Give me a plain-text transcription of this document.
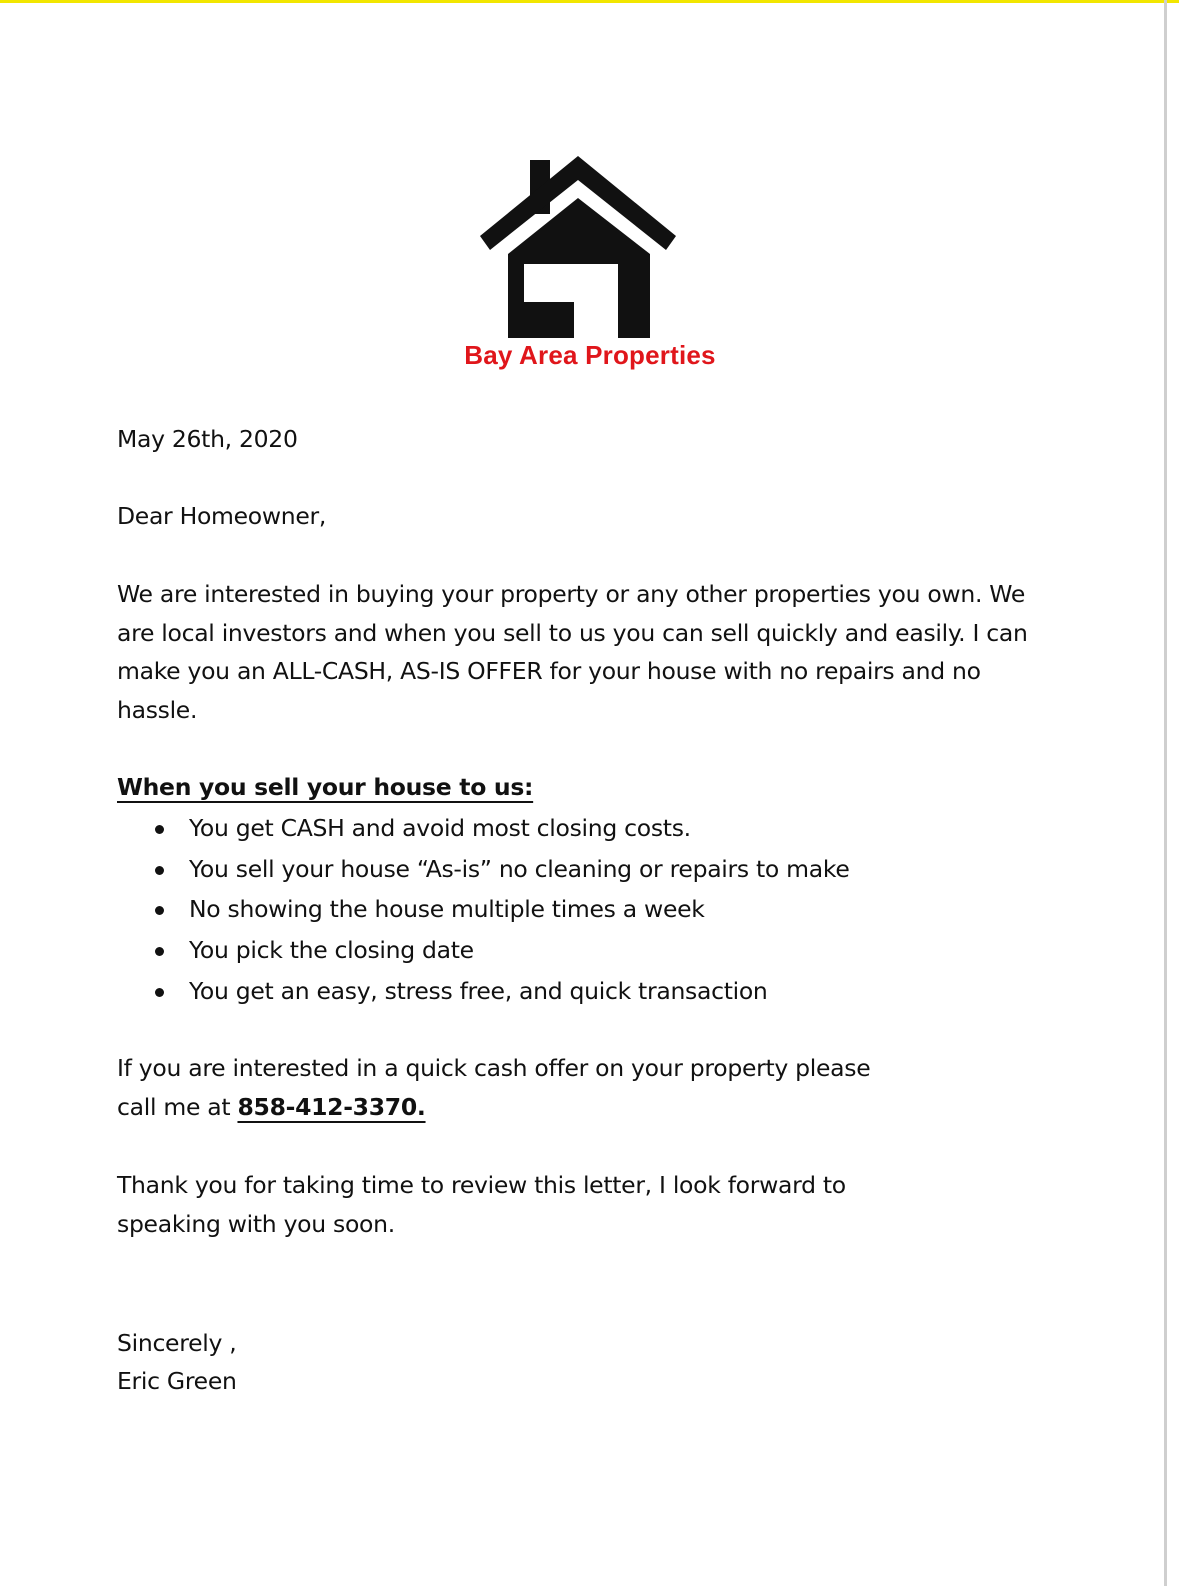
Bay Area Properties

May 26th, 2020

Dear Homeowner,

We are interested in buying your property or any other properties you own. We are local investors and when you sell to us you can sell quickly and easily. I can make you an ALL-CASH, AS-IS OFFER for your house with no repairs and no hassle.

When you sell your house to us:

You get CASH and avoid most closing costs.
You sell your house “As-is” no cleaning or repairs to make
No showing the house multiple times a week
You pick the closing date
You get an easy, stress free, and quick transaction

If you are interested in a quick cash offer on your property please
call me at 858-412-3370.

Thank you for taking time to review this letter, I look forward to
speaking with you soon.

Sincerely ,

Eric Green
